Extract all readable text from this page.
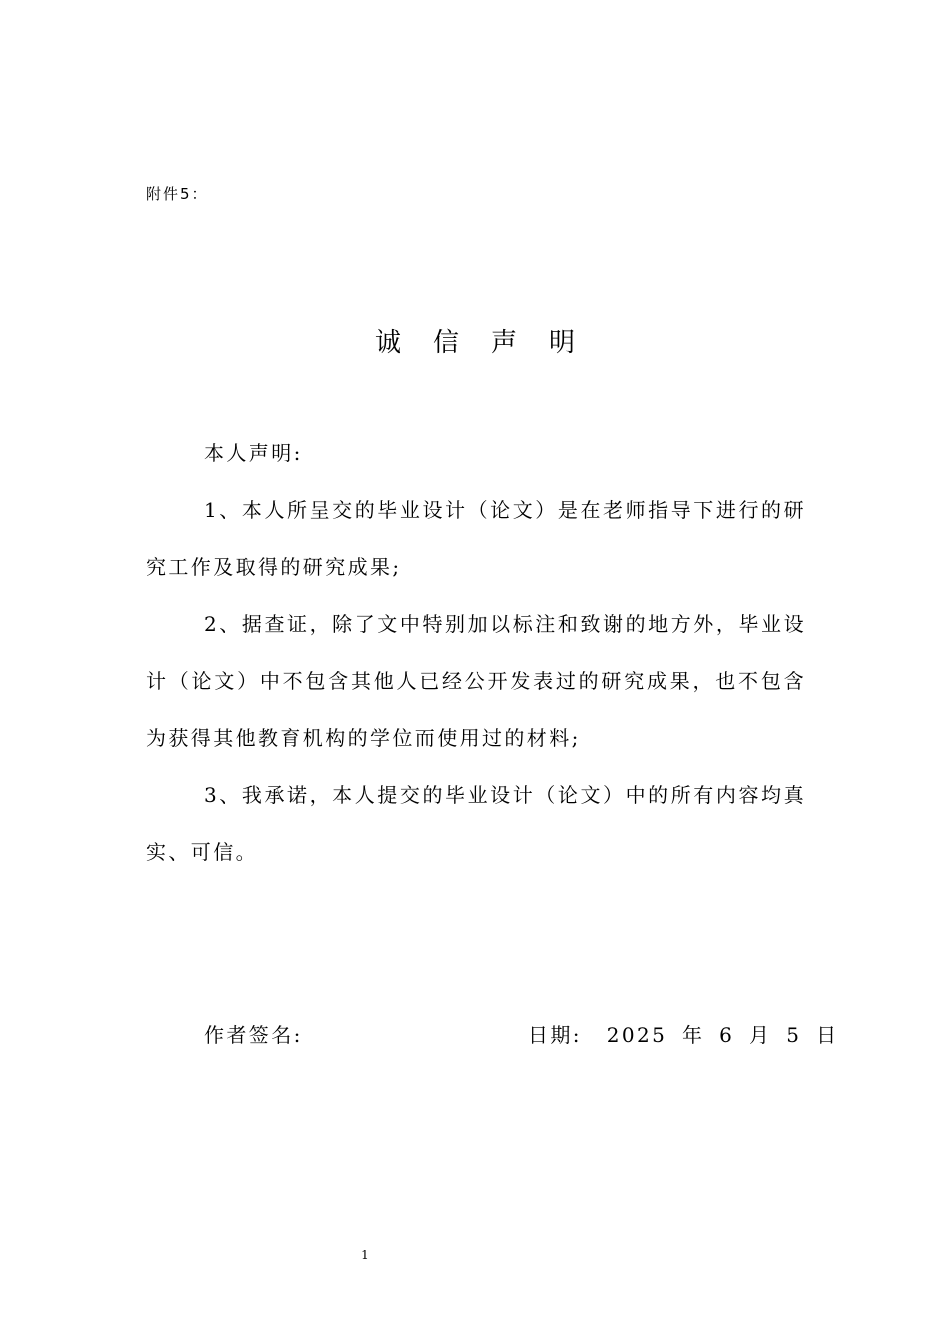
附件5：
诚信声明

本人声明:

1、本人所呈交的毕业设计（论文）是在老师指导下进行的研究工作及取得的研究成果;

2、据查证，除了文中特别加以标注和致谢的地方外，毕业设计（论文）中不包含其他人已经公开发表过的研究成果，也不包含为获得其他教育机构的学位而使用过的材料;

3、我承诺，本人提交的毕业设计（论文）中的所有内容均真实、可信。

作者签名:	日期: 2025 年 6 月 5 日
1
